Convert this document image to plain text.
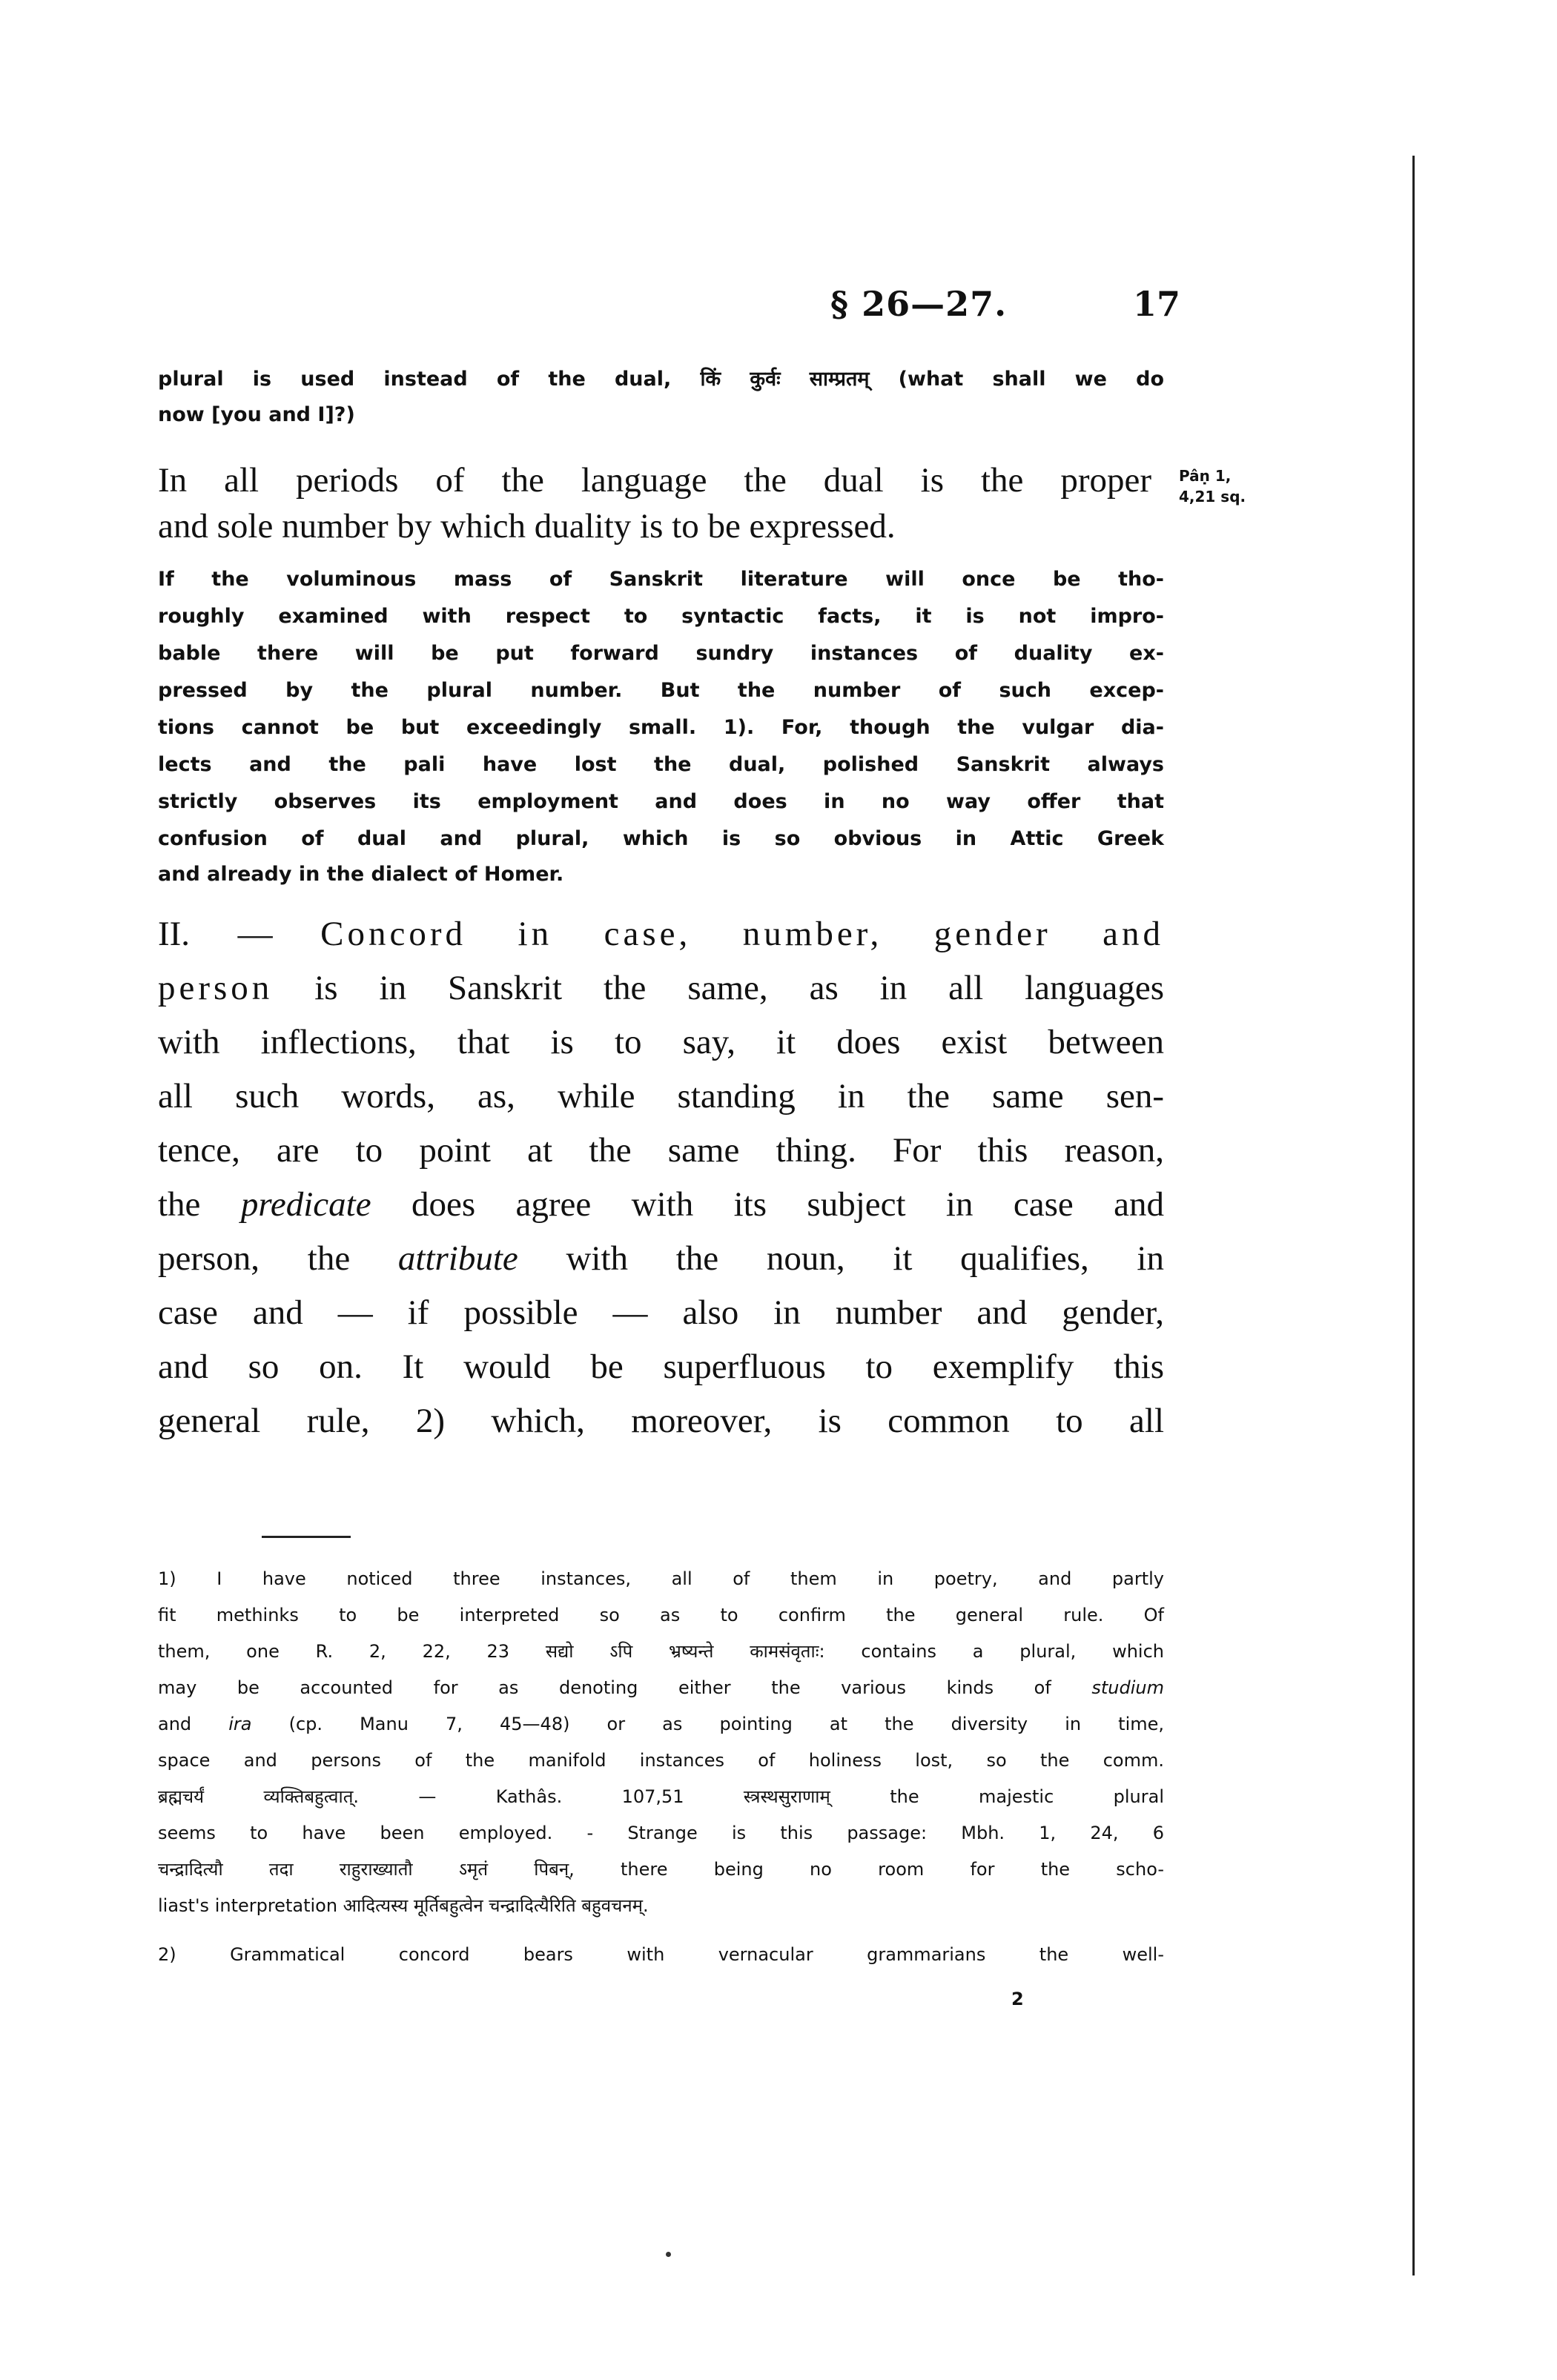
§ 26—27.	17
plural is used instead of the dual, किं कुर्वः साम्प्रतम् (what shall we do
now [you and I]?)
In all periods of the language the dual is the proper
and sole number by which duality is to be expressed.
Pâṇ 1,
4,21 sq.
If the voluminous mass of Sanskrit literature will once be tho-
roughly examined with respect to syntactic facts, it is not impro-
bable there will be put forward sundry instances of duality ex-
pressed by the plural number. But the number of such excep-
tions cannot be but exceedingly small. 1). For, though the vulgar dia-
lects and the pali have lost the dual, polished Sanskrit always
strictly observes its employment and does in no way offer that
confusion of dual and plural, which is so obvious in Attic Greek
and already in the dialect of Homer.
II. — Concord in case, number, gender and
person is in Sanskrit the same, as in all languages
with inflections, that is to say, it does exist between
all such words, as, while standing in the same sen-
tence, are to point at the same thing. For this reason,
the predicate does agree with its subject in case and
person, the attribute with the noun, it qualifies, in
case and — if possible — also in number and gender,
and so on. It would be superfluous to exemplify this
general rule, 2) which, moreover, is common to all
1) I have noticed three instances, all of them in poetry, and partly
fit methinks to be interpreted so as to confirm the general rule. Of
them, one R. 2, 22, 23 सद्यो ऽपि भ्रष्यन्ते कामसंवृताः: contains a plural, which
may be accounted for as denoting either the various kinds of studium
and ira (cp. Manu 7, 45—48) or as pointing at the diversity in time,
space and persons of the manifold instances of holiness lost, so the comm.
ब्रह्मचर्यं व्यक्तिबहुत्वात्. — Kathâs. 107,51 स्त्रस्थसुराणाम् the majestic plural
seems to have been employed. - Strange is this passage: Mbh. 1, 24, 6
चन्द्रादित्यौ तदा राहुराख्यातौ ऽमृतं पिबन्, there being no room for the scho-
liast's interpretation आदित्यस्य मूर्तिबहुत्वेन चन्द्रादित्यैरिति बहुवचनम्.
2) Grammatical concord bears with vernacular grammarians the well-
2
